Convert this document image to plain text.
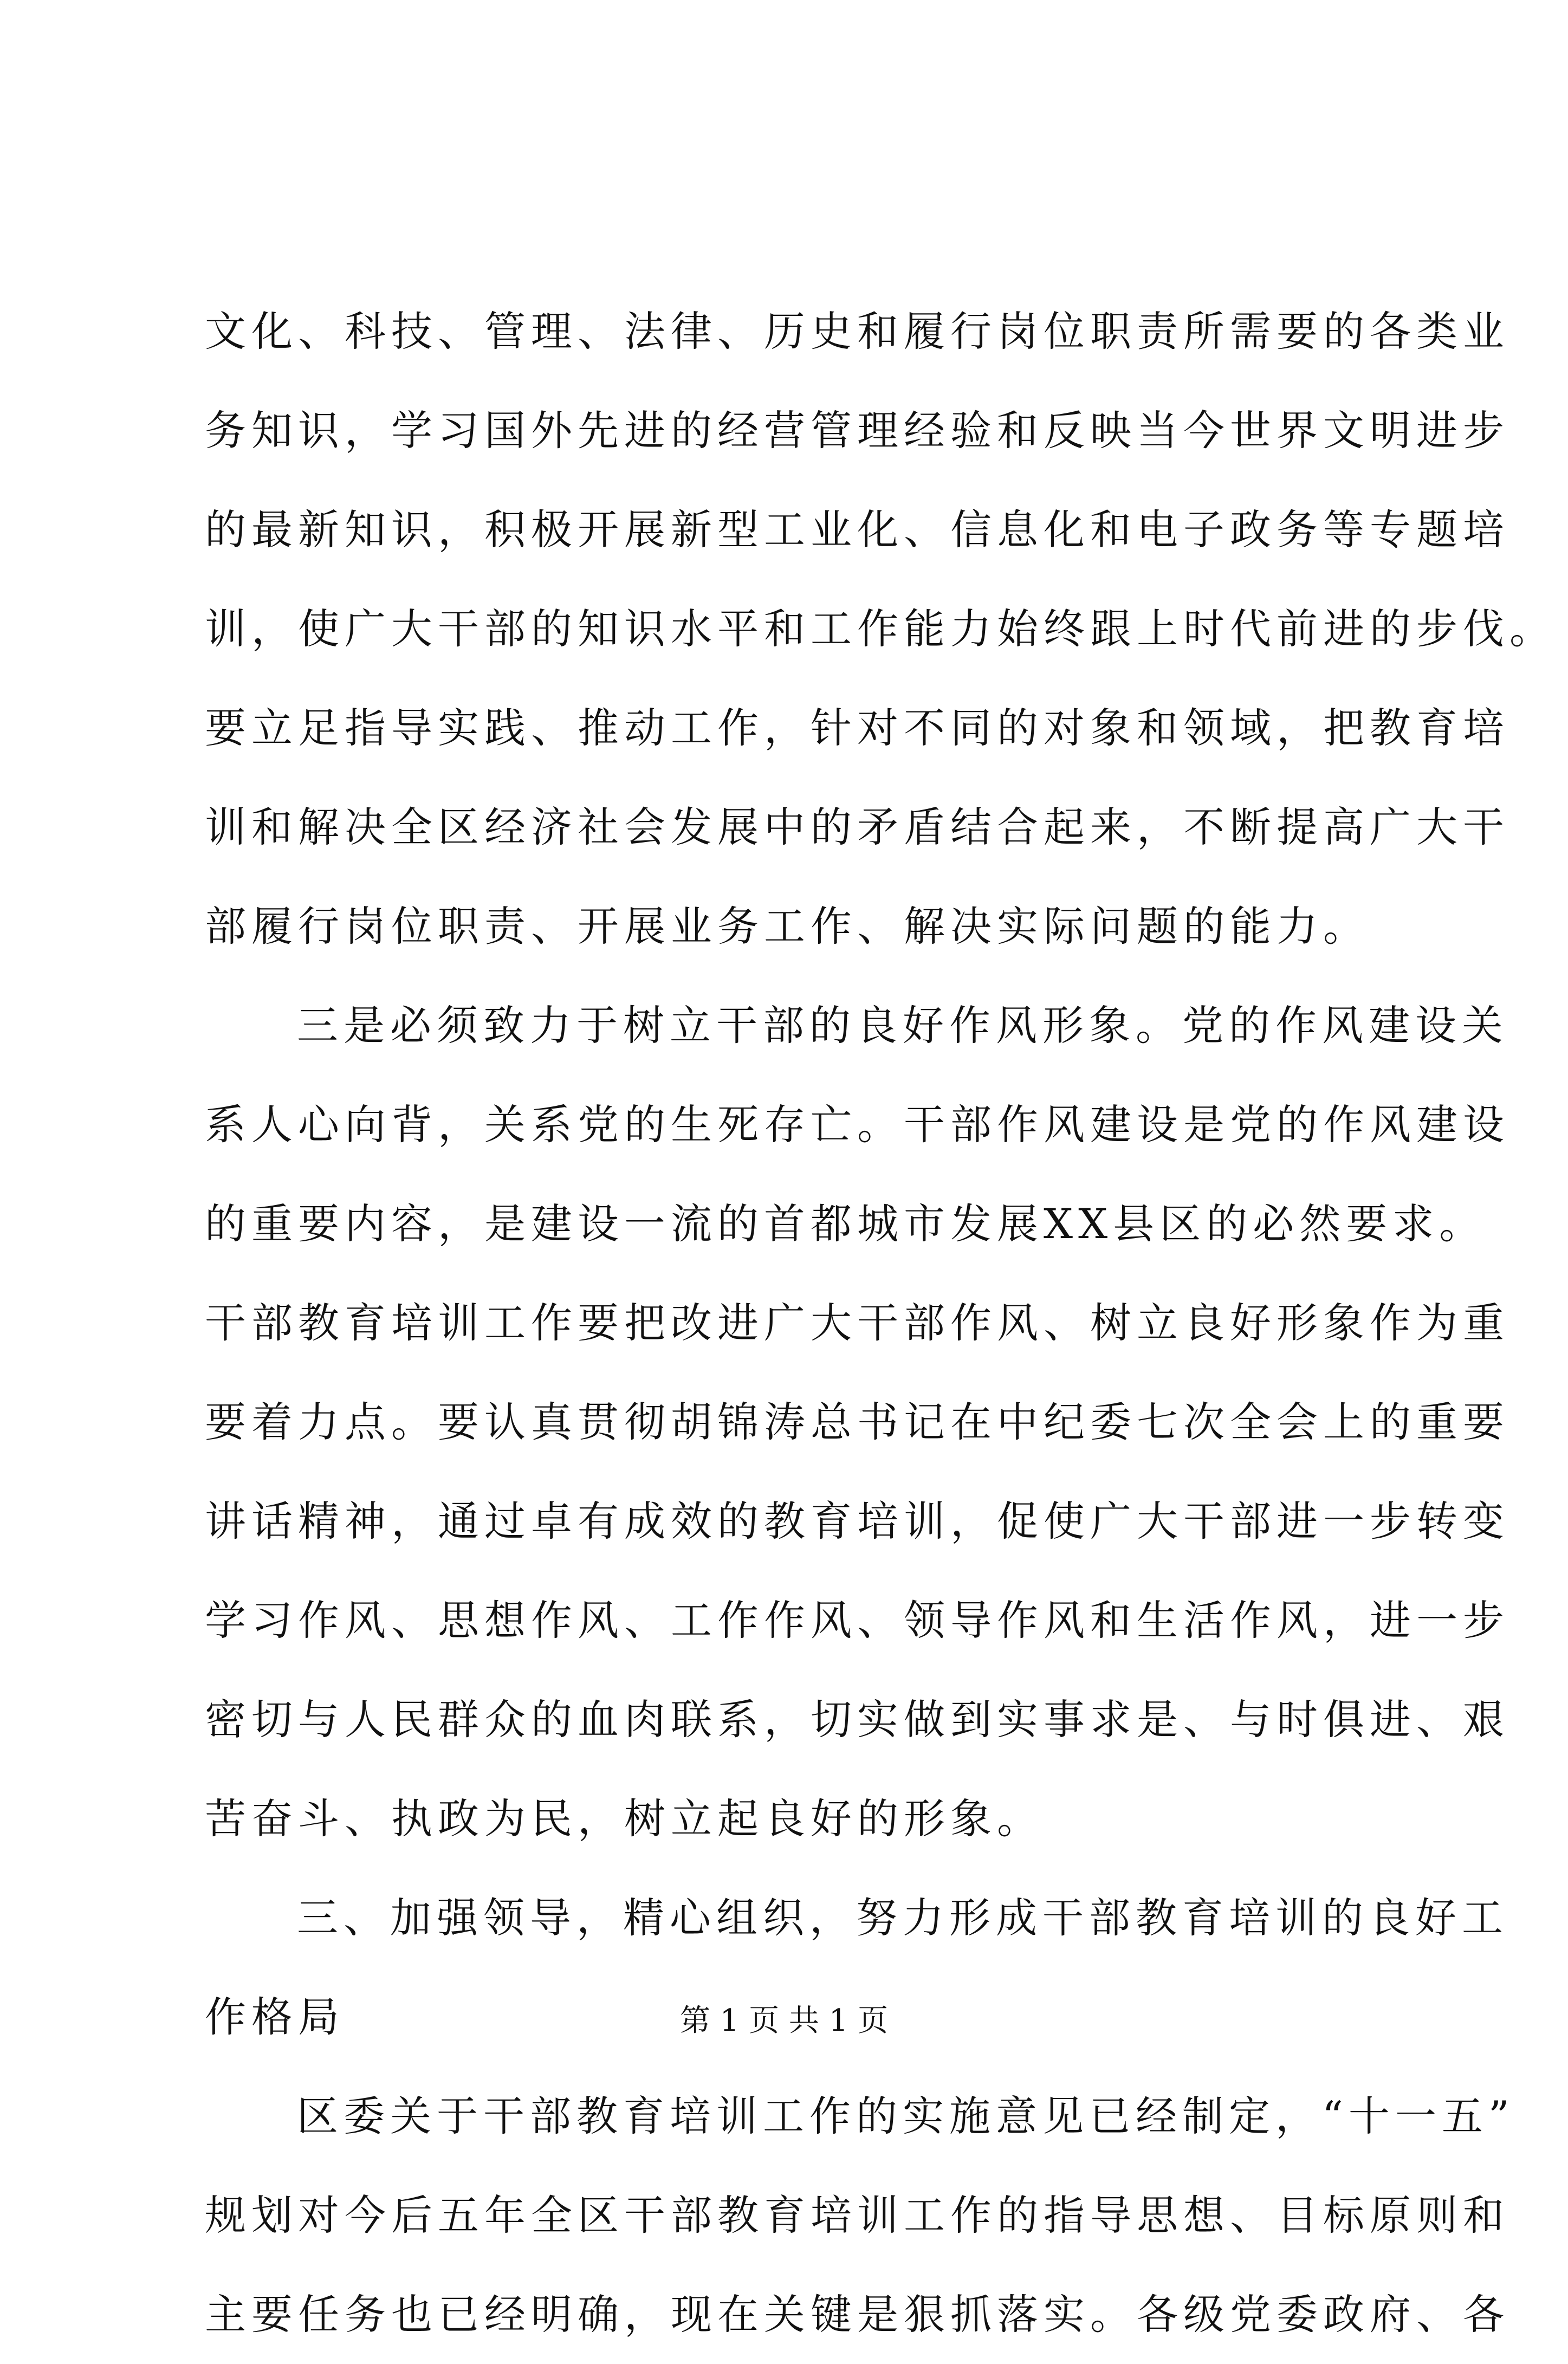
文化、科技、管理、法律、历史和履行岗位职责所需要的各类业
务知识，学习国外先进的经营管理经验和反映当今世界文明进步
的最新知识，积极开展新型工业化、信息化和电子政务等专题培
训，使广大干部的知识水平和工作能力始终跟上时代前进的步伐。
要立足指导实践、推动工作，针对不同的对象和领域，把教育培
训和解决全区经济社会发展中的矛盾结合起来，不断提高广大干
部履行岗位职责、开展业务工作、解决实际问题的能力。
三是必须致力于树立干部的良好作风形象。党的作风建设关
系人心向背，关系党的生死存亡。干部作风建设是党的作风建设
的重要内容，是建设一流的首都城市发展XX县区的必然要求。
干部教育培训工作要把改进广大干部作风、树立良好形象作为重
要着力点。要认真贯彻胡锦涛总书记在中纪委七次全会上的重要
讲话精神，通过卓有成效的教育培训，促使广大干部进一步转变
学习作风、思想作风、工作作风、领导作风和生活作风，进一步
密切与人民群众的血肉联系，切实做到实事求是、与时俱进、艰
苦奋斗、执政为民，树立起良好的形象。
三、加强领导，精心组织，努力形成干部教育培训的良好工
作格局
区委关于干部教育培训工作的实施意见已经制定，“十一五”
规划对今后五年全区干部教育培训工作的指导思想、目标原则和
主要任务也已经明确，现在关键是狠抓落实。各级党委政府、各
第 1 页 共 1 页
